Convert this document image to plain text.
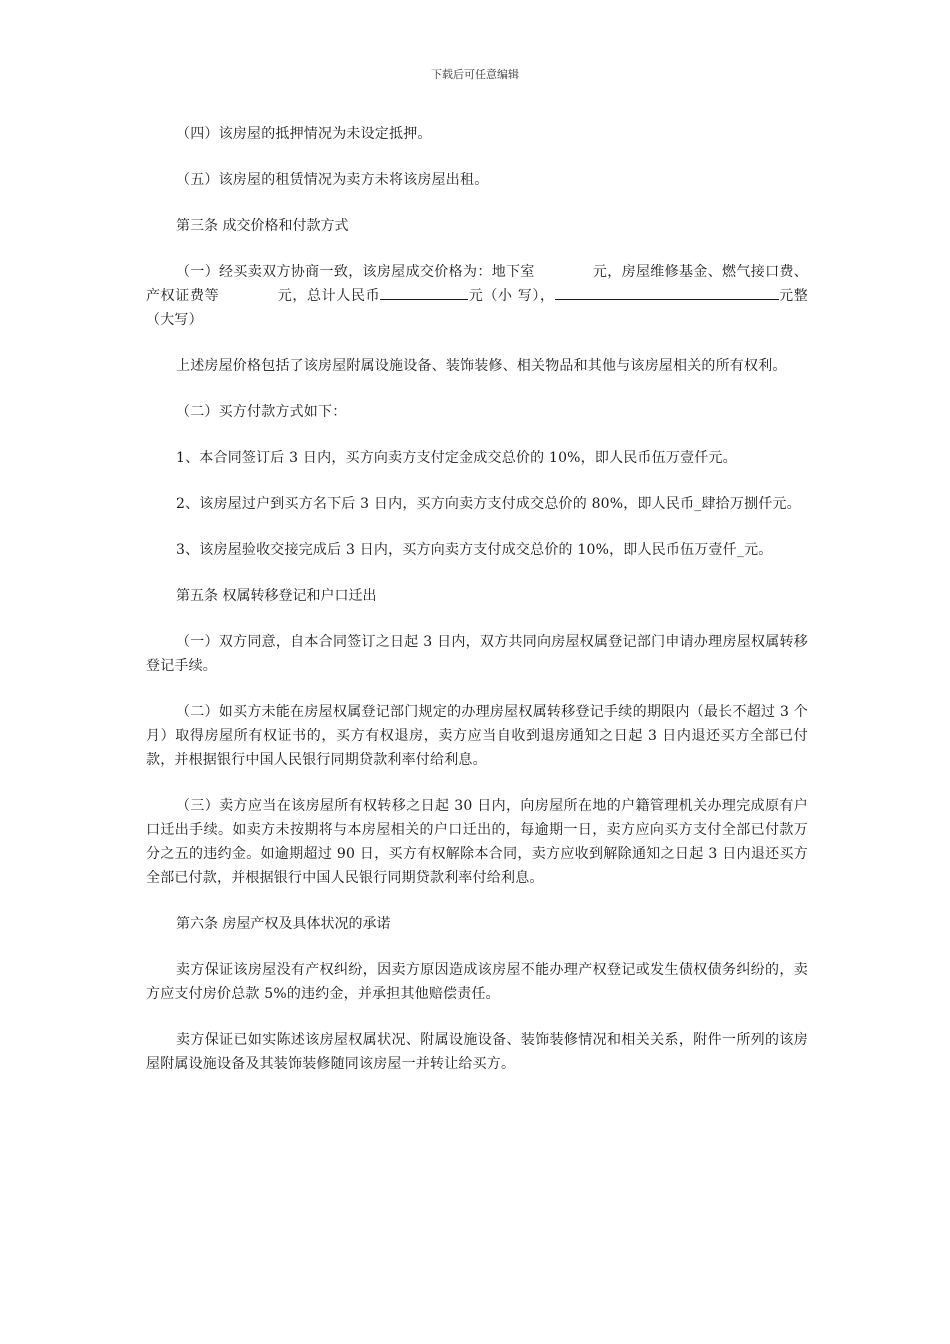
下载后可任意编辑

（四）该房屋的抵押情况为未设定抵押。

（五）该房屋的租赁情况为卖方未将该房屋出租。

第三条 成交价格和付款方式

（一）经买卖双方协商一致，该房屋成交价格为：地下室	元，房屋维修基金、燃气接口费、产权证费等	元，总计人民币	元（小 写），	元整（大写）

上述房屋价格包括了该房屋附属设施设备、装饰装修、相关物品和其他与该房屋相关的所有权利。

（二）买方付款方式如下：

1、本合同签订后 3 日内，买方向卖方支付定金成交总价的 10%，即人民币伍万壹仟元。

2、该房屋过户到买方名下后 3 日内，买方向卖方支付成交总价的 80%，即人民币_肆拾万捌仟元。

3、该房屋验收交接完成后 3 日内，买方向卖方支付成交总价的 10%，即人民币伍万壹仟_元。

第五条 权属转移登记和户口迁出

（一）双方同意，自本合同签订之日起 3 日内，双方共同向房屋权属登记部门申请办理房屋权属转移登记手续。

（二）如买方未能在房屋权属登记部门规定的办理房屋权属转移登记手续的期限内（最长不超过 3 个月）取得房屋所有权证书的，买方有权退房，卖方应当自收到退房通知之日起 3 日内退还买方全部已付款，并根据银行中国人民银行同期贷款利率付给利息。

（三）卖方应当在该房屋所有权转移之日起 30 日内，向房屋所在地的户籍管理机关办理完成原有户口迁出手续。如卖方未按期将与本房屋相关的户口迁出的，每逾期一日，卖方应向买方支付全部已付款万分之五的违约金。如逾期超过 90 日，买方有权解除本合同，卖方应收到解除通知之日起 3 日内退还买方全部已付款，并根据银行中国人民银行同期贷款利率付给利息。

第六条 房屋产权及具体状况的承诺

卖方保证该房屋没有产权纠纷，因卖方原因造成该房屋不能办理产权登记或发生债权债务纠纷的，卖方应支付房价总款 5%的违约金，并承担其他赔偿责任。

卖方保证已如实陈述该房屋权属状况、附属设施设备、装饰装修情况和相关关系，附件一所列的该房屋附属设施设备及其装饰装修随同该房屋一并转让给买方。
